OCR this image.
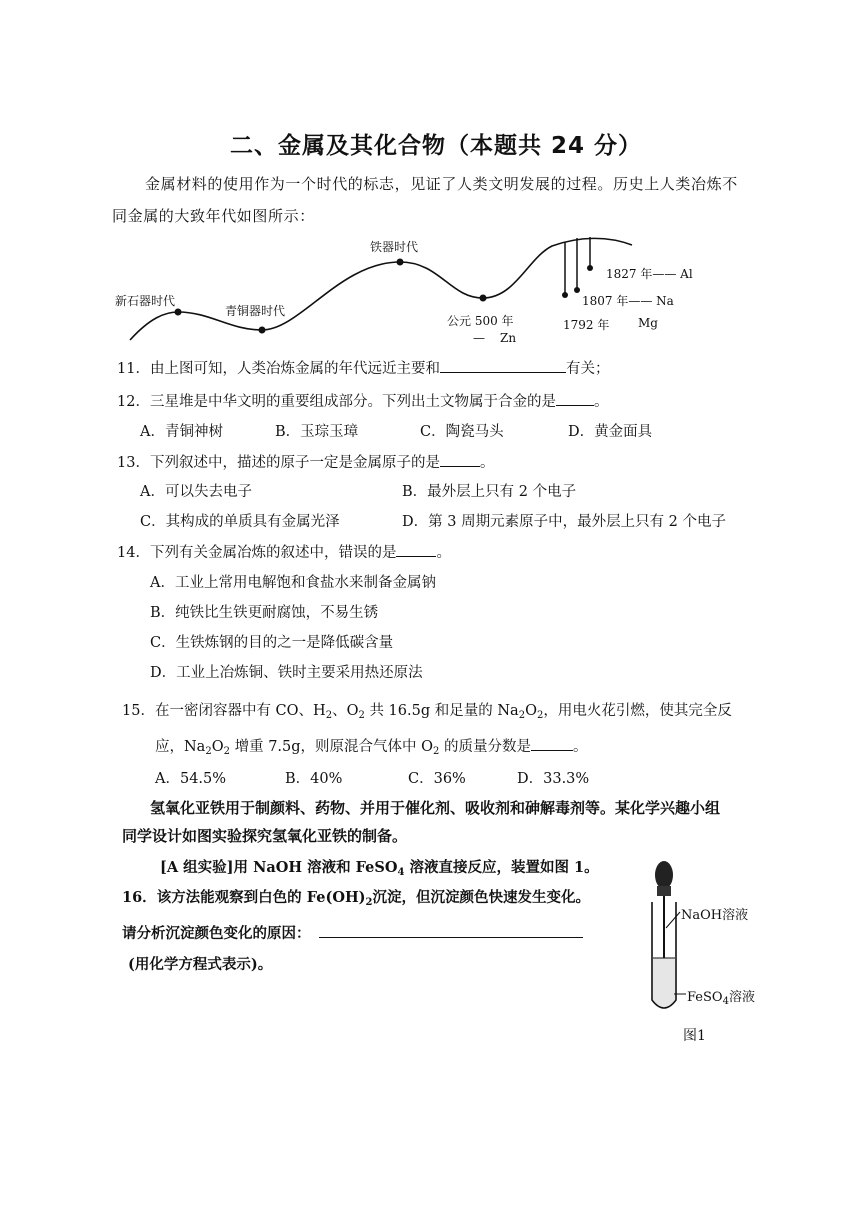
二、金属及其化合物（本题共 24 分）
金属材料的使用作为一个时代的标志，见证了人类文明发展的过程。历史上人类冶炼不
同金属的大致年代如图所示：
新石器时代
青铜器时代
铁器时代
公元 500 年
— Zn
1827 年—— Al
1807 年—— Na
1792 年 Mg
11．由上图可知，人类冶炼金属的年代远近主要和	有关；
12．三星堆是中华文明的重要组成部分。下列出土文物属于合金的是	。
A．青铜神树	B．玉琮玉璋	C．陶瓷马头	D．黄金面具
13．下列叙述中，描述的原子一定是金属原子的是	。
A．可以失去电子	B．最外层上只有 2 个电子
C．其构成的单质具有金属光泽	D．第 3 周期元素原子中，最外层上只有 2 个电子
14．下列有关金属冶炼的叙述中，错误的是	。
A．工业上常用电解饱和食盐水来制备金属钠
B．纯铁比生铁更耐腐蚀，不易生锈
C．生铁炼钢的目的之一是降低碳含量
D．工业上冶炼铜、铁时主要采用热还原法
15．在一密闭容器中有 CO、$H_2$、$O_2$ 共 16.5g 和足量的 $Na_2O_2$，用电火花引燃，使其完全反
应，$Na_2O_2$ 增重 7.5g，则原混合气体中 $O_2$ 的质量分数是	。
A．54.5%	B．40%	C．36%	D．33.3%
氢氧化亚铁用于制颜料、药物、并用于催化剂、吸收剂和砷解毒剂等。某化学兴趣小组
同学设计如图实验探究氢氧化亚铁的制备。
[A 组实验]用 NaOH 溶液和 FeSO$_4$ 溶液直接反应，装置如图 1。
16．该方法能观察到白色的 $Fe(OH)_2$沉淀，但沉淀颜色快速发生变化。
请分析沉淀颜色变化的原因：
(用化学方程式表示)。
NaOH溶液
FeSO$_4$溶液
图1
